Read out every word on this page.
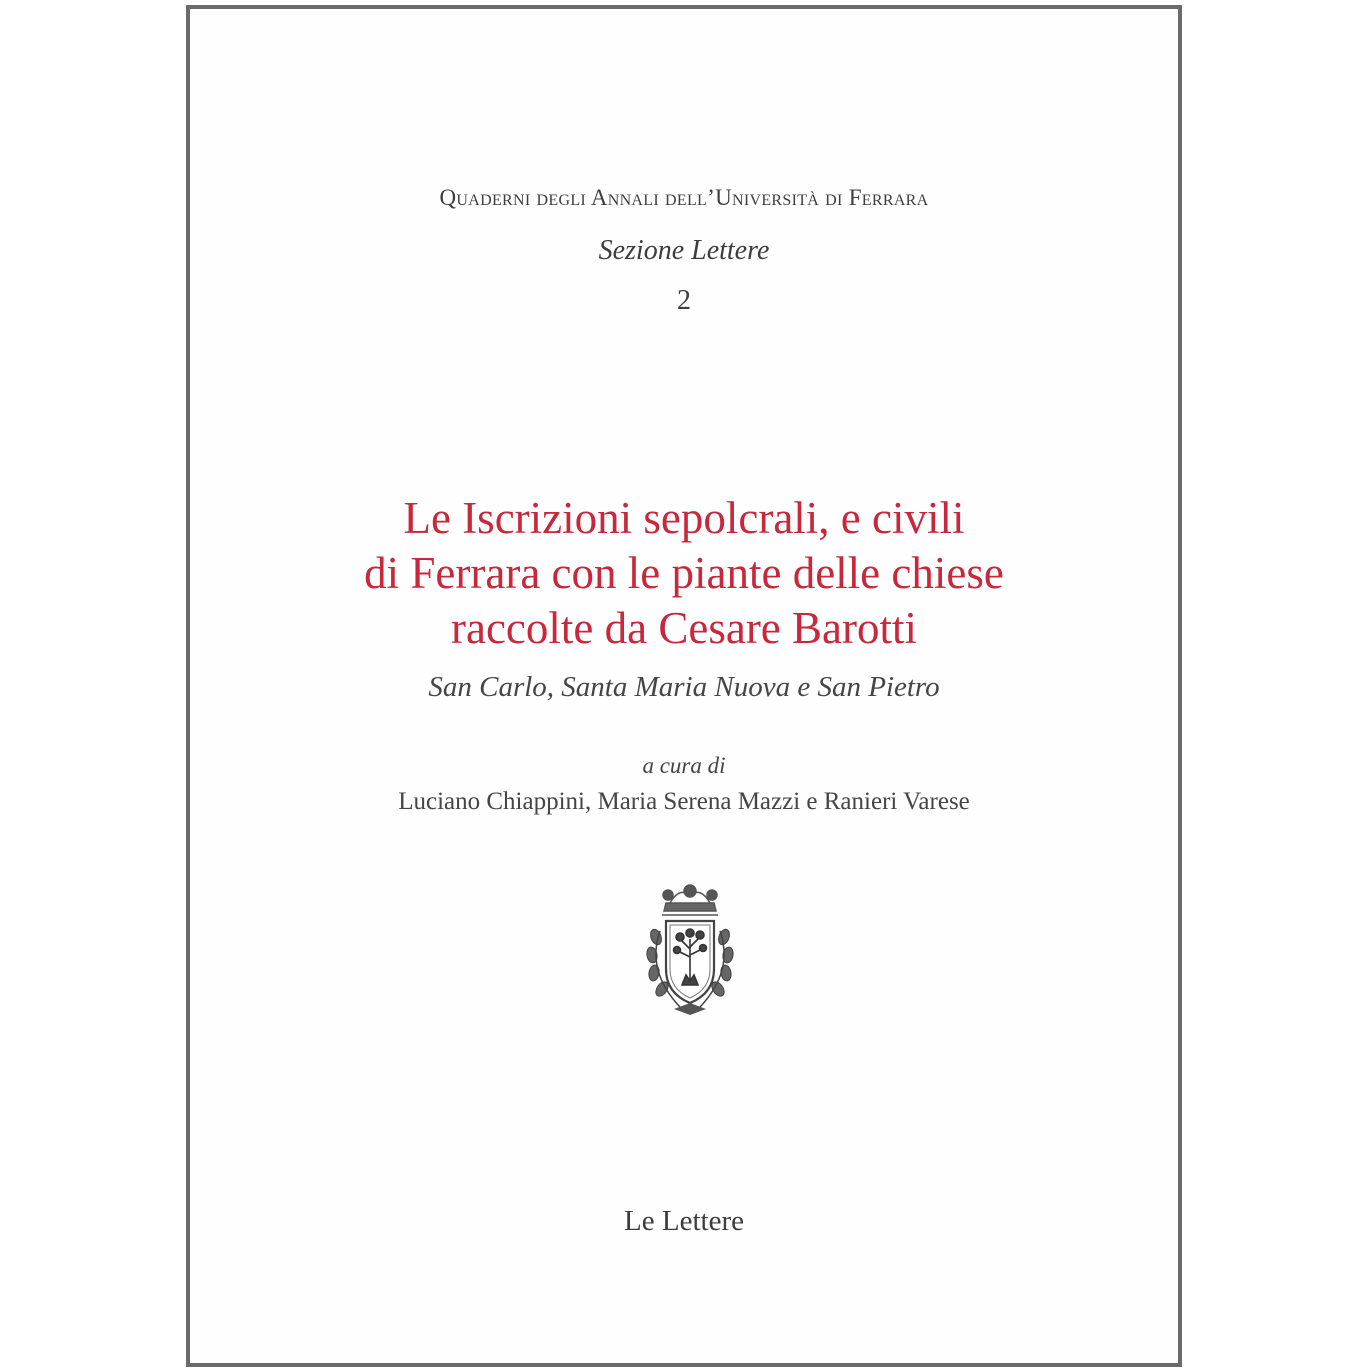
Quaderni degli Annali dell’Università di Ferrara
Sezione Lettere
2
Le Iscrizioni sepolcrali, e civili
di Ferrara con le piante delle chiese
raccolte da Cesare Barotti
San Carlo, Santa Maria Nuova e San Pietro
a cura di
Luciano Chiappini, Maria Serena Mazzi e Ranieri Varese
Le Lettere
